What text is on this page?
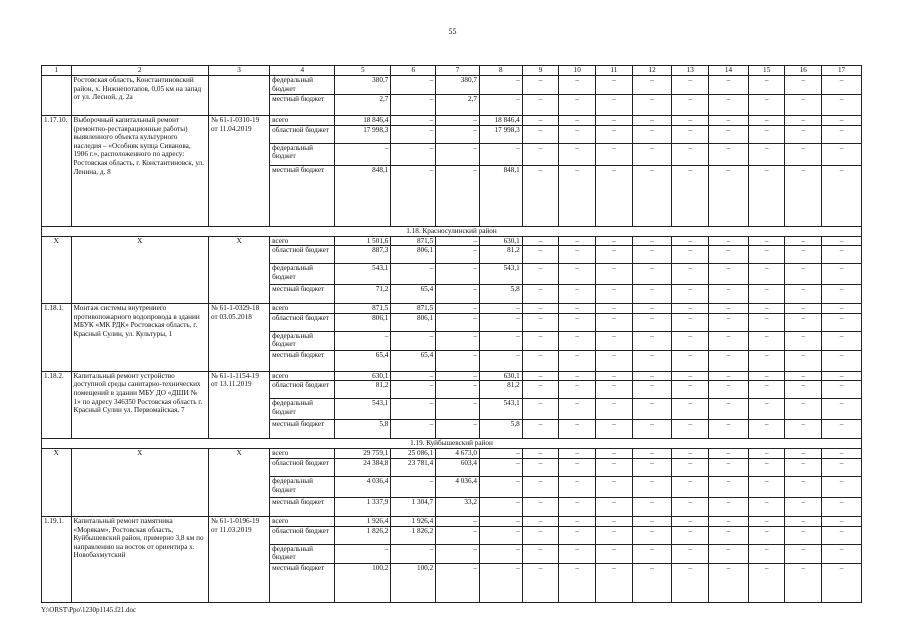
55
1	2	3	4	5	6	7	8	9	10	11	12	13	14	15	16	17
	Ростовская область, Константиновский район, х. Нижнепотапов, 0,05 км на запад от ул. Лесной, д. 2а		федеральный бюджет	380,7	–	380,7	–	–	–	–	–	–	–	–	–	–
			местный бюджет	2,7	–	2,7	–	–	–	–	–	–	–	–	–	–
1.17.10.	Выборочный капитальный ремонт (ремонтно-реставрационные работы) выявленного объекта культурного наследия – «Особняк купца Сиванова, 1906 г.», расположенного по адресу: Ростовская область, г. Константиновск, ул. Ленина, д. 8	№ 61-1-0310-19 от 11.04.2019	всего	18 846,4	–	–	18 846,4	–	–	–	–	–	–	–	–	–
			областной бюджет	17 998,3	–	–	17 998,3	–	–	–	–	–	–	–	–	–
			федеральный бюджет	–	–	–	–	–	–	–	–	–	–	–	–	–
			местный бюджет	848,1	–	–	848,1	–	–	–	–	–	–	–	–	–
1.18. Красносулинский район																
X	X	X	всего	1 501,6	871,5	–	630,1	–	–	–	–	–	–	–	–	–
			областной бюджет	887,3	806,1	–	81,2	–	–	–	–	–	–	–	–	–
			федеральный бюджет	543,1	–	–	543,1	–	–	–	–	–	–	–	–	–
			местный бюджет	71,2	65,4	–	5,8	–	–	–	–	–	–	–	–	–
1.18.1.	Монтаж системы внутреннего противопожарного водопровода в здании МБУК «МК РДК» Ростовская область, г. Красный Сулин, ул. Культуры, 1	№ 61-1-0329-18 от 03.05.2018	всего	871,5	871,5	–	–	–	–	–	–	–	–	–	–	–
			областной бюджет	806,1	806,1	–	–	–	–	–	–	–	–	–	–	–
			федеральный бюджет	–	–	–	–	–	–	–	–	–	–	–	–	–
			местный бюджет	65,4	65,4	–	–	–	–	–	–	–	–	–	–	–
1.18.2.	Капитальный ремонт устройство доступной среды санитарно-технических помещений в здании МБУ ДО «ДШИ № 1» по адресу 346350 Ростовская область г. Красный Сулин ул. Первомайская, 7	№ 61-1-1154-19 от 13.11.2019	всего	630,1	–	–	630,1	–	–	–	–	–	–	–	–	–
			областной бюджет	81,2	–	–	81,2	–	–	–	–	–	–	–	–	–
			федеральный бюджет	543,1	–	–	543,1	–	–	–	–	–	–	–	–	–
			местный бюджет	5,8	–	–	5,8	–	–	–	–	–	–	–	–	–
1.19. Куйбышевский район																
X	X	X	всего	29 759,1	25 086,1	4 673,0	–	–	–	–	–	–	–	–	–	–
			областной бюджет	24 384,8	23 781,4	603,4	–	–	–	–	–	–	–	–	–	–
			федеральный бюджет	4 036,4	–	4 036,4	–	–	–	–	–	–	–	–	–	–
			местный бюджет	1 337,9	1 304,7	33,2	–	–	–	–	–	–	–	–	–	–
1.19.1.	Капитальный ремонт памятника «Морякам», Ростовская область, Куйбышевский район, примерно 3,8 км по направлению на восток от ориентира х. Новобахмутский	№ 61-1-0196-19 от 11.03.2019	всего	1 926,4	1 926,4	–	–	–	–	–	–	–	–	–	–	–
			областной бюджет	1 826,2	1 826,2	–	–	–	–	–	–	–	–	–	–	–
			федеральный бюджет	–	–	–	–	–	–	–	–	–	–	–	–	–
			местный бюджет	100,2	100,2	–	–	–	–	–	–	–	–	–	–	–
Y:\ORST\Ppo\1230p1145.f21.doc
